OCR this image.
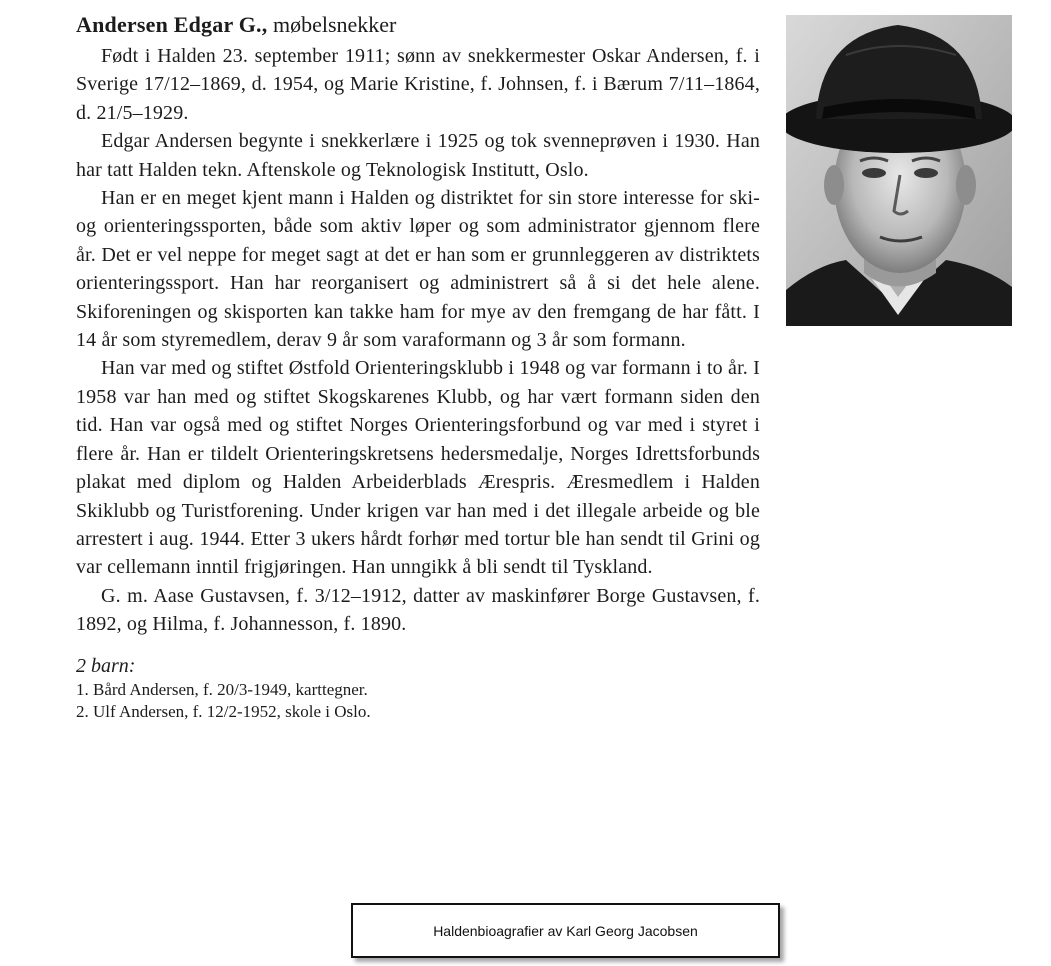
Andersen Edgar G., møbelsnekker

Født i Halden 23. september 1911; sønn av snekkermester Oskar Andersen, f. i Sverige 17/12–1869, d. 1954, og Marie Kristine, f. Johnsen, f. i Bærum 7/11–1864, d. 21/5–1929.

Edgar Andersen begynte i snekkerlære i 1925 og tok svenneprøven i 1930. Han har tatt Halden tekn. Aftenskole og Teknologisk Institutt, Oslo.

Han er en meget kjent mann i Halden og distriktet for sin store interesse for ski- og orienteringssporten, både som aktiv løper og som administrator gjennom flere år. Det er vel neppe for meget sagt at det er han som er grunnleggeren av distriktets orienteringssport. Han har reorganisert og administrert så å si det hele alene. Skiforeningen og skisporten kan takke ham for mye av den fremgang de har fått. I 14 år som styremedlem, derav 9 år som varaformann og 3 år som formann.

Han var med og stiftet Østfold Orienteringsklubb i 1948 og var formann i to år. I 1958 var han med og stiftet Skogskarenes Klubb, og har vært formann siden den tid. Han var også med og stiftet Norges Orienteringsforbund og var med i styret i flere år. Han er tildelt Orienteringskretsens hedersmedalje, Norges Idrettsforbunds plakat med diplom og Halden Arbeiderblads Ærespris. Æresmedlem i Halden Skiklubb og Turistforening. Under krigen var han med i det illegale arbeide og ble arrestert i aug. 1944. Etter 3 ukers hårdt forhør med tortur ble han sendt til Grini og var cellemann inntil frigjøringen. Han unngikk å bli sendt til Tyskland.

G. m. Aase Gustavsen, f. 3/12–1912, datter av maskinfører Borge Gustavsen, f. 1892, og Hilma, f. Johannesson, f. 1890.

2 barn:

1. Bård Andersen, f. 20/3-1949, karttegner.
2. Ulf Andersen, f. 12/2-1952, skole i Oslo.
Haldenbioagrafier av Karl Georg Jacobsen
